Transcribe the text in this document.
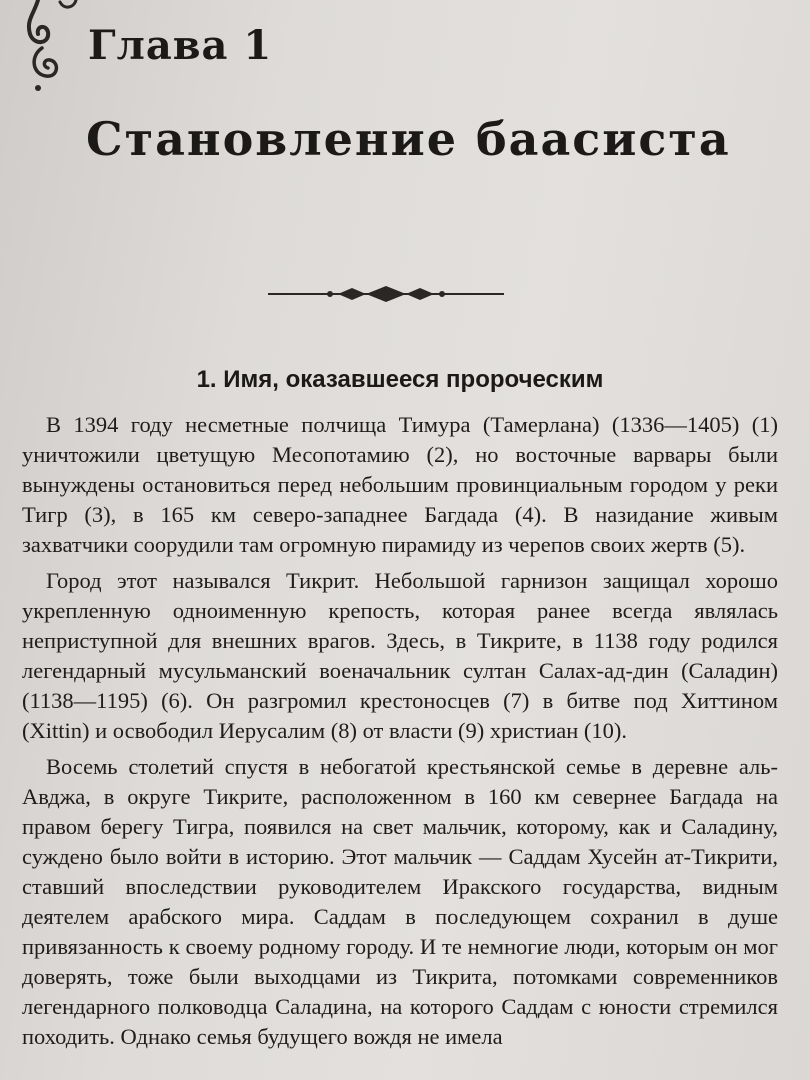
Глава 1
Становление баасиста
1. Имя, оказавшееся пророческим

В 1394 году несметные полчища Тимура (Тамерлана) (1336—1405) (1) уничтожили цветущую Месопотамию (2), но восточные варвары были вынуждены остановиться перед небольшим провинциальным городом у реки Тигр (3), в 165 км северо-западнее Багдада (4). В назидание живым захватчики соорудили там огромную пирамиду из черепов своих жертв (5).

Город этот назывался Тикрит. Небольшой гарнизон защищал хорошо укрепленную одноименную крепость, которая ранее всегда являлась неприступной для внешних врагов. Здесь, в Тикрите, в 1138 году родился легендарный мусульманский военачальник султан Салах-ад-дин (Саладин) (1138—1195) (6). Он разгромил крестоносцев (7) в битве под Хиттином (Xittin) и освободил Иерусалим (8) от власти (9) христиан (10).

Восемь столетий спустя в небогатой крестьянской семье в деревне аль-Авджа, в округе Тикрите, расположенном в 160 км севернее Багдада на правом берегу Тигра, появился на свет мальчик, которому, как и Саладину, суждено было войти в историю. Этот мальчик — Саддам Хусейн ат-Тикрити, ставший впоследствии руководителем Иракского государства, видным деятелем арабского мира. Саддам в последующем сохранил в душе привязанность к своему родному городу. И те немногие люди, которым он мог доверять, тоже были выходцами из Тикрита, потомками современников легендарного полководца Саладина, на которого Саддам с юности стремился походить. Однако семья будущего вождя не имела
